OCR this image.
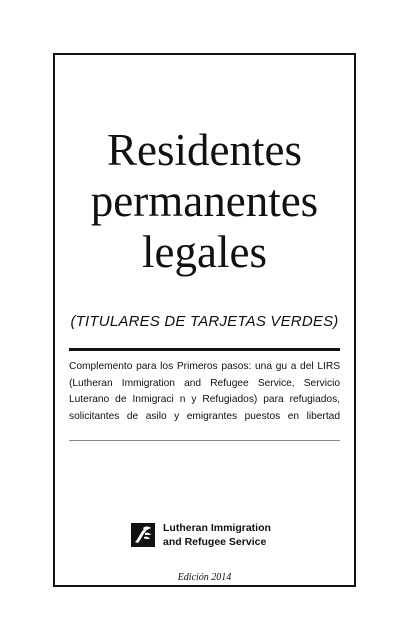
Residentes
permanentes
legales
(TITULARES DE TARJETAS VERDES)
Complemento para los Primeros pasos: una gu a del LIRS
(Lutheran Immigration and Refugee Service, Servicio
Luterano de Inmigraci n y Refugiados) para refugiados,
solicitantes de asilo y emigrantes puestos en libertad
Lutheran Immigration
and Refugee Service
Edición 2014
